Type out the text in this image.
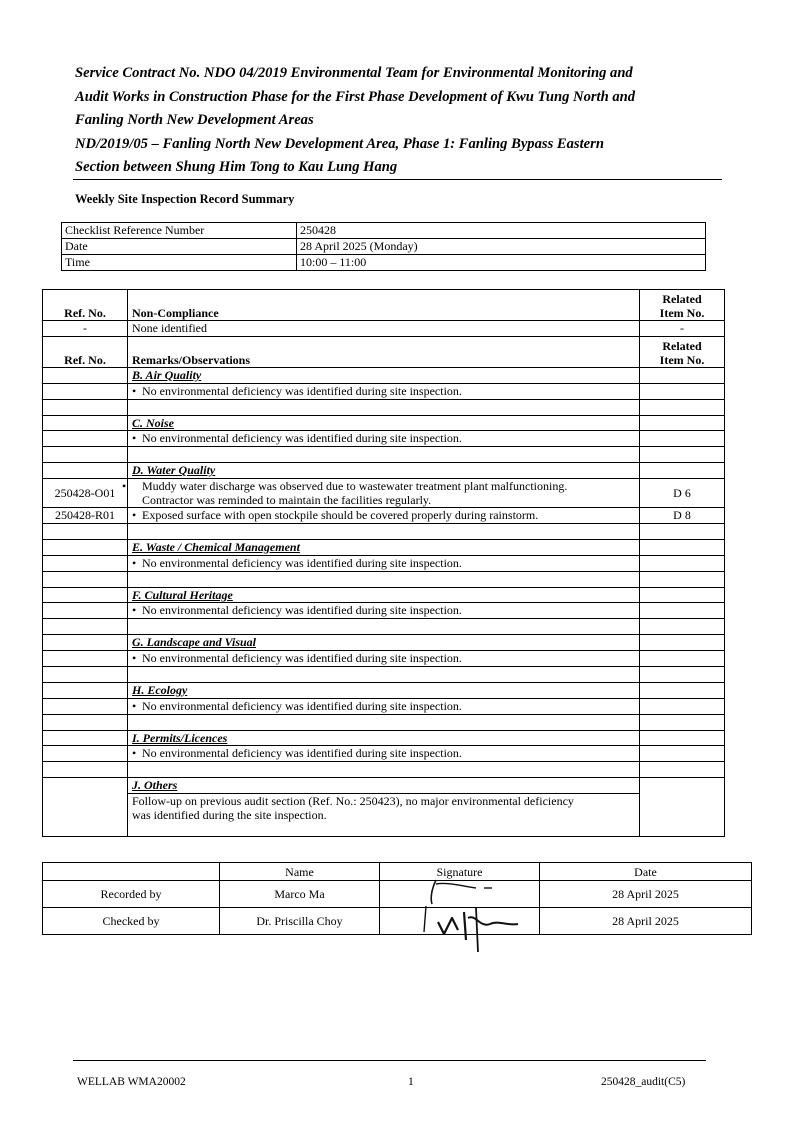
Service Contract No. NDO 04/2019 Environmental Team for Environmental Monitoring and
Audit Works in Construction Phase for the First Phase Development of Kwu Tung North and
Fanling North New Development Areas
ND/2019/05 – Fanling North New Development Area, Phase 1: Fanling Bypass Eastern
Section between Shung Him Tong to Kau Lung Hang
Weekly Site Inspection Record Summary
Checklist Reference Number	250428
Date	28 April 2025 (Monday)
Time	10:00 – 11:00
Ref. No.	Non-Compliance	Related
Item No.
-	None identified	-
Ref. No.	Remarks/Observations	Related
Item No.
	B. Air Quality	
	• No environmental deficiency was identified during site inspection.	

	C. Noise	
	• No environmental deficiency was identified during site inspection.	

	D. Water Quality	
250428-O01	• Muddy water discharge was observed due to wastewater treatment plant malfunctioning.
Contractor was reminded to maintain the facilities regularly.	D 6
250428-R01	• Exposed surface with open stockpile should be covered properly during rainstorm.	D 8

	E. Waste / Chemical Management	
	• No environmental deficiency was identified during site inspection.	

	F. Cultural Heritage	
	• No environmental deficiency was identified during site inspection.	

	G. Landscape and Visual	
	• No environmental deficiency was identified during site inspection.	

	H. Ecology	
	• No environmental deficiency was identified during site inspection.	

	I. Permits/Licences	
	• No environmental deficiency was identified during site inspection.	

	J. Others	
	Follow-up on previous audit section (Ref. No.: 250423), no major environmental deficiency
was identified during the site inspection.	
	Name	Signature	Date
Recorded by	Marco Ma		28 April 2025
Checked by	Dr. Priscilla Choy		28 April 2025
WELLAB WMA20002	1	250428_audit(C5)
